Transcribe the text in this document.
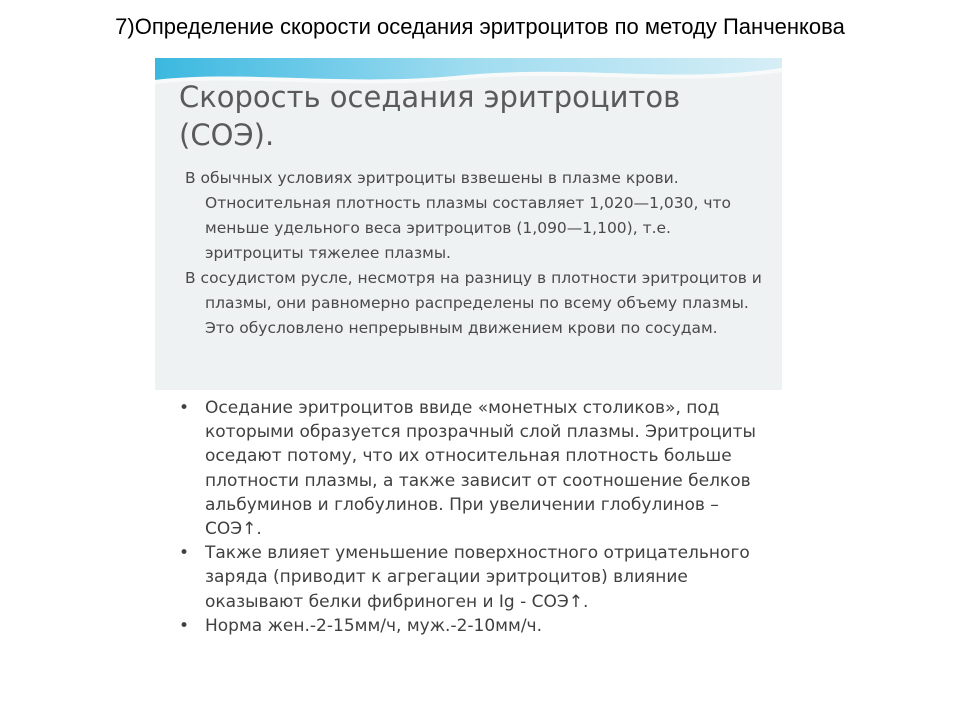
7)Определение скорости оседания эритроцитов по методу Панченкова
Скорость оседания эритроцитов
(СОЭ).
В обычных условиях эритроциты взвешены в плазме крови. Относительная плотность плазмы составляет 1,020—1,030, что меньше удельного веса эритроцитов (1,090—1,100), т.е. эритроциты тяжелее плазмы.
В сосудистом русле, несмотря на разницу в плотности эритроцитов и плазмы, они равномерно распределены по всему объему плазмы. Это обусловлено непрерывным движением крови по сосудам.
• Оседание эритроцитов ввиде «монетных столиков», под которыми образуется прозрачный слой плазмы. Эритроциты оседают потому, что их относительная плотность больше плотности плазмы, а также зависит от соотношение белков альбуминов и глобулинов. При увеличении глобулинов –СОЭ↑.
• Также влияет уменьшение поверхностного отрицательного заряда (приводит к агрегации эритроцитов) влияние оказывают белки фибриноген и Ig - СОЭ↑.
• Норма жен.-2-15мм/ч, муж.-2-10мм/ч.
